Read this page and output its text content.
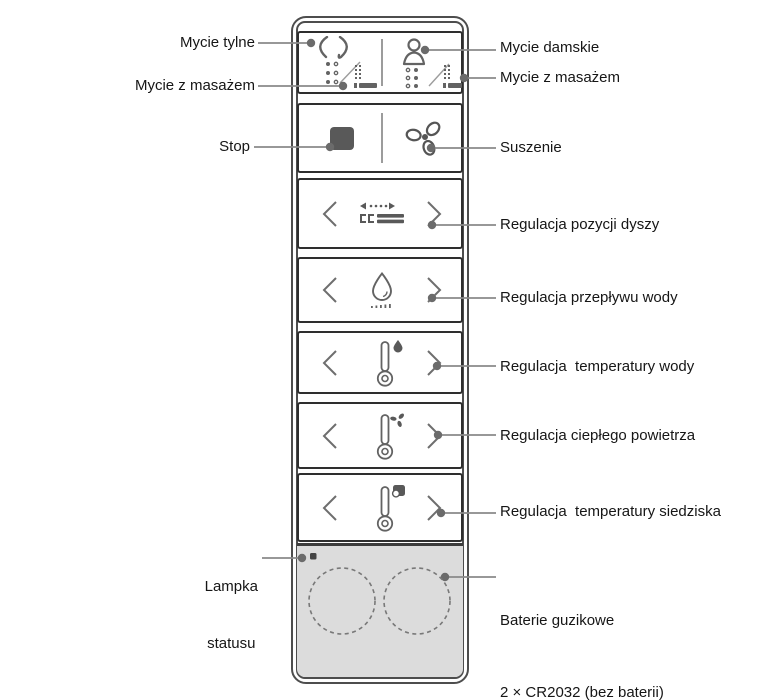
Mycie tylne
Mycie z masażem
Stop

Lampka

statusu

Mycie damskie
Mycie z masażem
Suszenie
Regulacja pozycji dyszy
Regulacja przepływu wody
Regulacja  temperatury wody
Regulacja ciepłego powietrza
Regulacja  temperatury siedziska

Baterie guzikowe

2 × CR2032 (bez baterii)
